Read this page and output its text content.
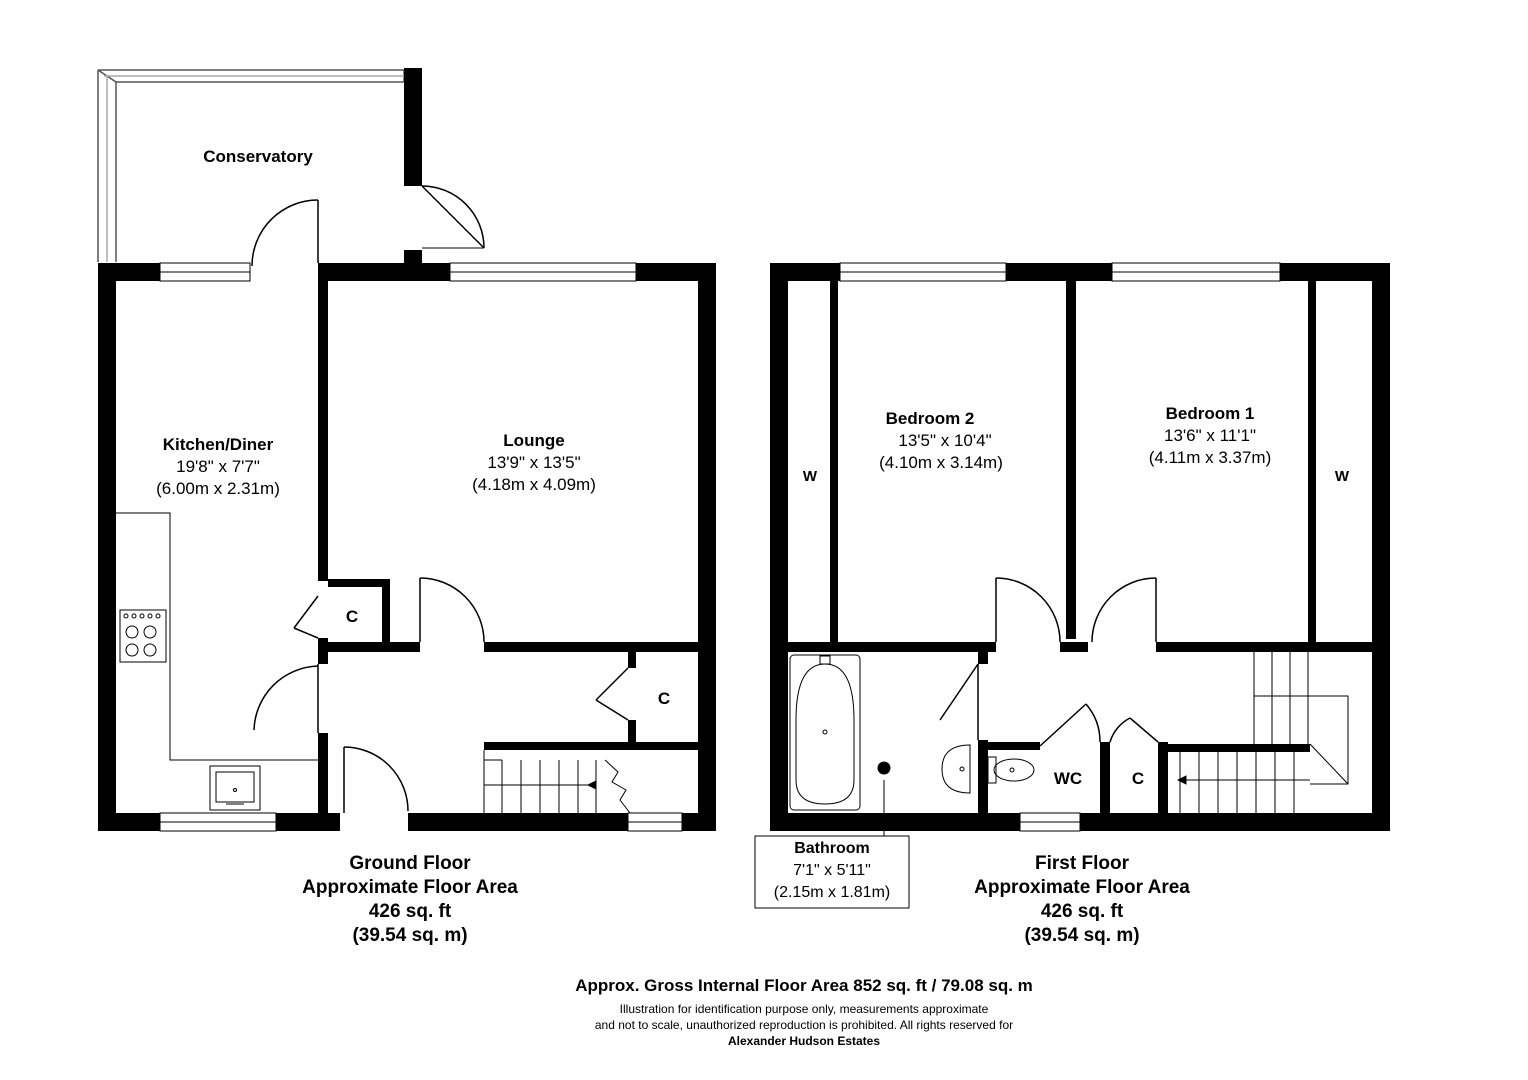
Conservatory
Kitchen/Diner
19'8" x 7'7"
(6.00m x 2.31m)
Lounge
13'9" x 13'5"
(4.18m x 4.09m)
Bedroom 2
13'5" x 10'4"
(4.10m x 3.14m)
Bedroom 1
13'6" x 11'1"
(4.11m x 3.37m)
Bathroom
7'1" x 5'11"
(2.15m x 1.81m)
WC
C
C
C
W	W
Ground Floor
Approximate Floor Area
426 sq. ft
(39.54 sq. m)
First Floor
Approximate Floor Area
426 sq. ft
(39.54 sq. m)
Approx. Gross Internal Floor Area 852 sq. ft / 79.08 sq. m
Illustration for identification purpose only, measurements approximate
and not to scale, unauthorized reproduction is prohibited. All rights reserved for
Alexander Hudson Estates
